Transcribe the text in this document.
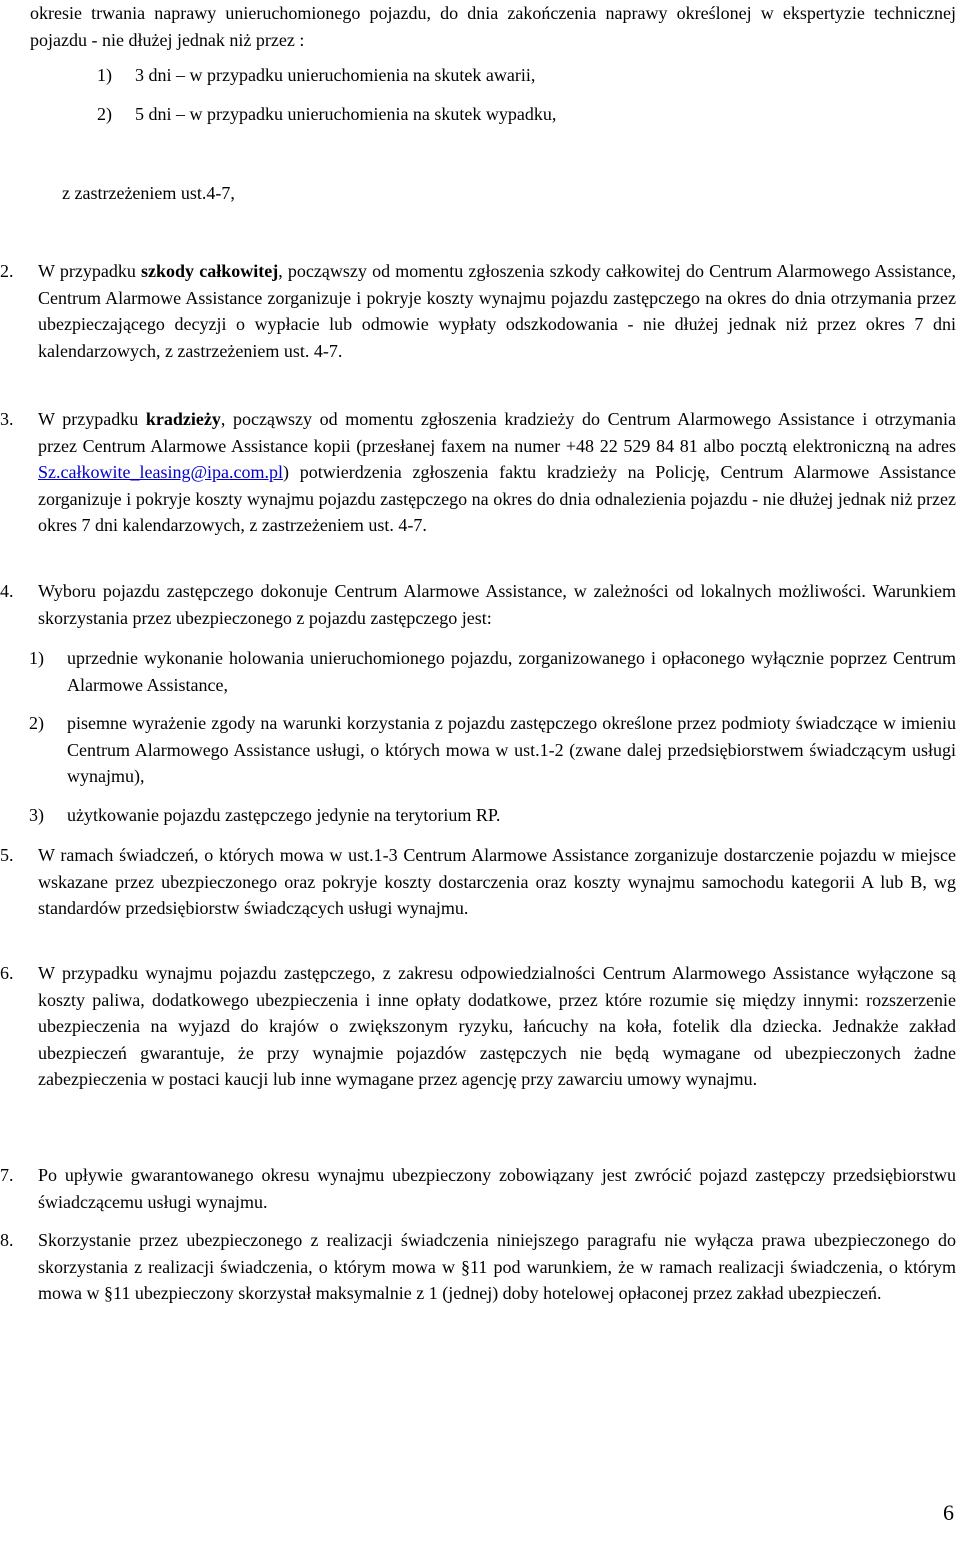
okresie trwania naprawy unieruchomionego pojazdu, do dnia zakończenia naprawy określonej w ekspertyzie technicznej pojazdu - nie dłużej jednak niż przez :

1) 3 dni – w przypadku unieruchomienia na skutek awarii,

2) 5 dni – w przypadku unieruchomienia na skutek wypadku,

z zastrzeżeniem ust.4-7,

2. W przypadku szkody całkowitej, począwszy od momentu zgłoszenia szkody całkowitej do Centrum Alarmowego Assistance, Centrum Alarmowe Assistance zorganizuje i pokryje koszty wynajmu pojazdu zastępczego na okres do dnia otrzymania przez ubezpieczającego decyzji o wypłacie lub odmowie wypłaty odszkodowania - nie dłużej jednak niż przez okres 7 dni kalendarzowych, z zastrzeżeniem ust. 4-7.

3. W przypadku kradzieży, począwszy od momentu zgłoszenia kradzieży do Centrum Alarmowego Assistance i otrzymania przez Centrum Alarmowe Assistance kopii (przesłanej faxem na numer +48 22 529 84 81 albo pocztą elektroniczną na adres Sz.całkowite_leasing@ipa.com.pl) potwierdzenia zgłoszenia faktu kradzieży na Policję, Centrum Alarmowe Assistance zorganizuje i pokryje koszty wynajmu pojazdu zastępczego na okres do dnia odnalezienia pojazdu - nie dłużej jednak niż przez okres 7 dni kalendarzowych, z zastrzeżeniem ust. 4-7.

4. Wyboru pojazdu zastępczego dokonuje Centrum Alarmowe Assistance, w zależności od lokalnych możliwości. Warunkiem skorzystania przez ubezpieczonego z pojazdu zastępczego jest:

1) uprzednie wykonanie holowania unieruchomionego pojazdu, zorganizowanego i opłaconego wyłącznie poprzez Centrum Alarmowe Assistance,

2) pisemne wyrażenie zgody na warunki korzystania z pojazdu zastępczego określone przez podmioty świadczące w imieniu Centrum Alarmowego Assistance usługi, o których mowa w ust.1-2 (zwane dalej przedsiębiorstwem świadczącym usługi wynajmu),

3) użytkowanie pojazdu zastępczego jedynie na terytorium RP.

5. W ramach świadczeń, o których mowa w ust.1-3 Centrum Alarmowe Assistance zorganizuje dostarczenie pojazdu w miejsce wskazane przez ubezpieczonego oraz pokryje koszty dostarczenia oraz koszty wynajmu samochodu kategorii A lub B, wg standardów przedsiębiorstw świadczących usługi wynajmu.

6. W przypadku wynajmu pojazdu zastępczego, z zakresu odpowiedzialności Centrum Alarmowego Assistance wyłączone są koszty paliwa, dodatkowego ubezpieczenia i inne opłaty dodatkowe, przez które rozumie się między innymi: rozszerzenie ubezpieczenia na wyjazd do krajów o zwiększonym ryzyku, łańcuchy na koła, fotelik dla dziecka. Jednakże zakład ubezpieczeń gwarantuje, że przy wynajmie pojazdów zastępczych nie będą wymagane od ubezpieczonych żadne zabezpieczenia w postaci kaucji lub inne wymagane przez agencję przy zawarciu umowy wynajmu.

7. Po upływie gwarantowanego okresu wynajmu ubezpieczony zobowiązany jest zwrócić pojazd zastępczy przedsiębiorstwu świadczącemu usługi wynajmu.

8. Skorzystanie przez ubezpieczonego z realizacji świadczenia niniejszego paragrafu nie wyłącza prawa ubezpieczonego do skorzystania z realizacji świadczenia, o którym mowa w §11 pod warunkiem, że w ramach realizacji świadczenia, o którym mowa w §11 ubezpieczony skorzystał maksymalnie z 1 (jednej) doby hotelowej opłaconej przez zakład ubezpieczeń.

6
